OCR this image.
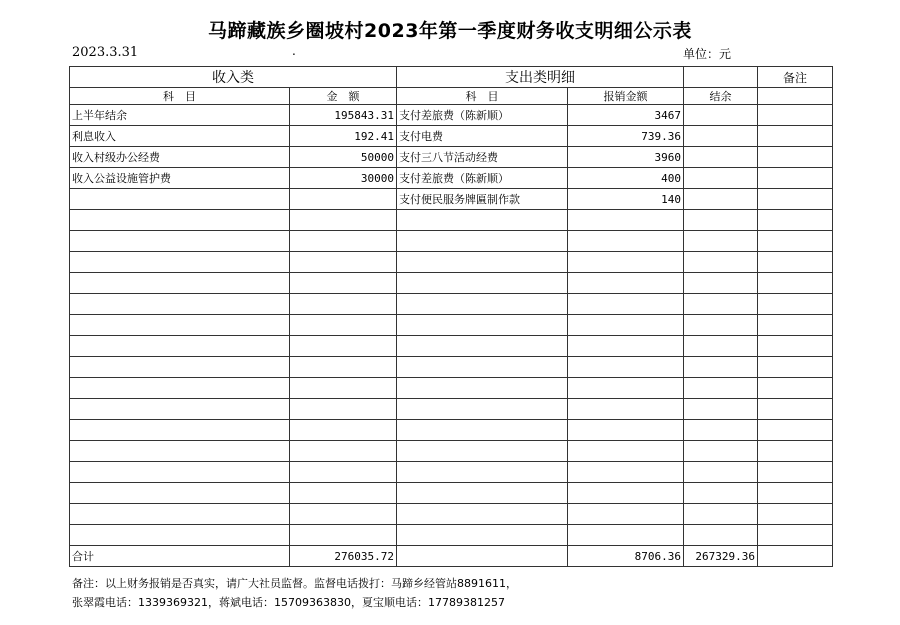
马蹄藏族乡圈坡村2023年第一季度财务收支明细公示表
2023.3.31	.	单位：元
收入类		支出类明细			备注
科　目	金　额	科　目	报销金额	结余	
上半年结余	195843.31	支付差旅费（陈新顺）	3467		
利息收入	192.41	支付电费	739.36		
收入村级办公经费	50000	支付三八节活动经费	3960		
收入公益设施管护费	30000	支付差旅费（陈新顺）	400		
		支付便民服务牌匾制作款	140		

合计	276035.72		8706.36	267329.36	
备注：以上财务报销是否真实，请广大社员监督。监督电话拨打：马蹄乡经管站8891611，
张翠霞电话：1339369321，蒋斌电话：15709363830，夏宝顺电话：17789381257
